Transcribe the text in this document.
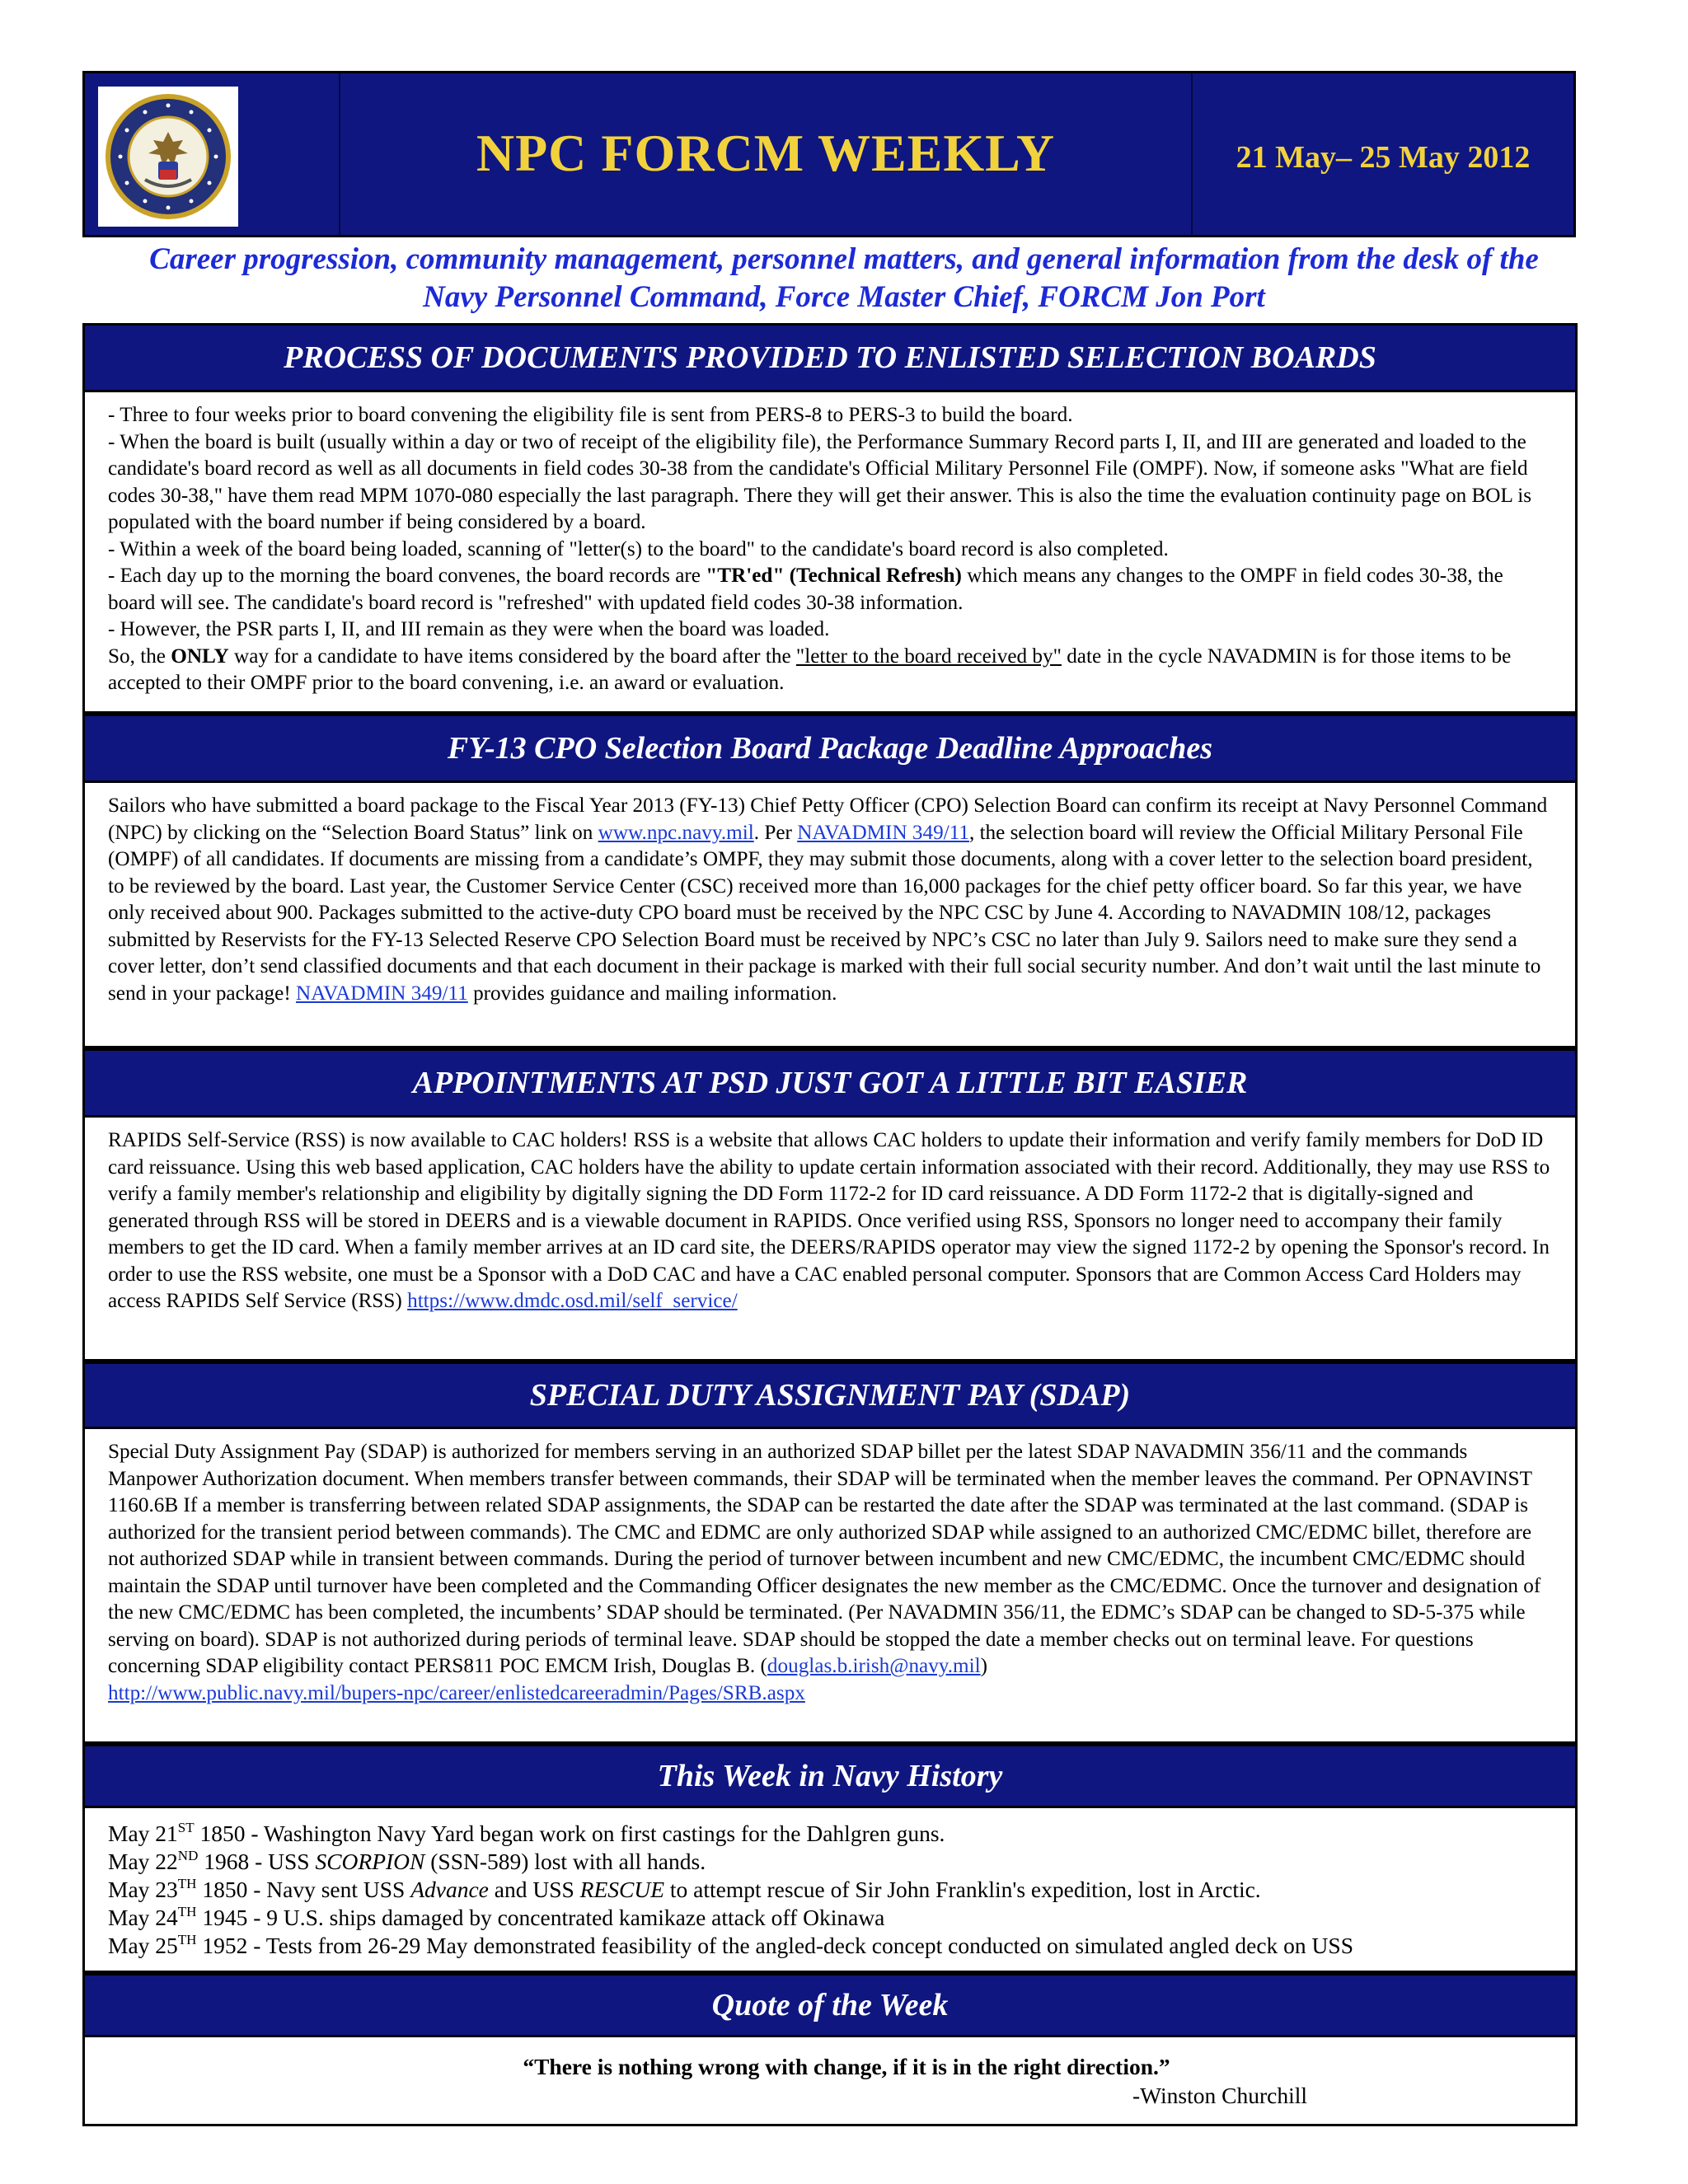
NPC FORCM WEEKLY	21 May– 25 May 2012
Career progression, community management, personnel matters, and general information from the desk of the
Navy Personnel Command, Force Master Chief, FORCM Jon Port
PROCESS OF DOCUMENTS PROVIDED TO ENLISTED SELECTION BOARDS

- Three to four weeks prior to board convening the eligibility file is sent from PERS-8 to PERS-3 to build the board.

- When the board is built (usually within a day or two of receipt of the eligibility file), the Performance Summary Record parts I, II, and III are generated and loaded to the candidate's board record as well as all documents in field codes 30-38 from the candidate's Official Military Personnel File (OMPF). Now, if someone asks "What are field codes 30-38," have them read MPM 1070-080 especially the last paragraph. There they will get their answer. This is also the time the evaluation continuity page on BOL is populated with the board number if being considered by a board.

- Within a week of the board being loaded, scanning of "letter(s) to the board" to the candidate's board record is also completed.

- Each day up to the morning the board convenes, the board records are "TR'ed" (Technical Refresh) which means any changes to the OMPF in field codes 30-38, the board will see. The candidate's board record is "refreshed" with updated field codes 30-38 information.

- However, the PSR parts I, II, and III remain as they were when the board was loaded.

So, the ONLY way for a candidate to have items considered by the board after the "letter to the board received by" date in the cycle NAVADMIN is for those items to be accepted to their OMPF prior to the board convening, i.e. an award or evaluation.

FY-13 CPO Selection Board Package Deadline Approaches

Sailors who have submitted a board package to the Fiscal Year 2013 (FY-13) Chief Petty Officer (CPO) Selection Board can confirm its receipt at Navy Personnel Command (NPC) by clicking on the “Selection Board Status” link on www.npc.navy.mil. Per NAVADMIN 349/11, the selection board will review the Official Military Personal File (OMPF) of all candidates. If documents are missing from a candidate’s OMPF, they may submit those documents, along with a cover letter to the selection board president, to be reviewed by the board. Last year, the Customer Service Center (CSC) received more than 16,000 packages for the chief petty officer board. So far this year, we have only received about 900. Packages submitted to the active-duty CPO board must be received by the NPC CSC by June 4. According to NAVADMIN 108/12, packages submitted by Reservists for the FY-13 Selected Reserve CPO Selection Board must be received by NPC’s CSC no later than July 9. Sailors need to make sure they send a cover letter, don’t send classified documents and that each document in their package is marked with their full social security number. And don’t wait until the last minute to send in your package! NAVADMIN 349/11 provides guidance and mailing information.

APPOINTMENTS AT PSD JUST GOT A LITTLE BIT EASIER

RAPIDS Self-Service (RSS) is now available to CAC holders! RSS is a website that allows CAC holders to update their information and verify family members for DoD ID card reissuance. Using this web based application, CAC holders have the ability to update certain information associated with their record. Additionally, they may use RSS to verify a family member's relationship and eligibility by digitally signing the DD Form 1172-2 for ID card reissuance. A DD Form 1172-2 that is digitally-signed and generated through RSS will be stored in DEERS and is a viewable document in RAPIDS. Once verified using RSS, Sponsors no longer need to accompany their family members to get the ID card. When a family member arrives at an ID card site, the DEERS/RAPIDS operator may view the signed 1172-2 by opening the Sponsor's record. In order to use the RSS website, one must be a Sponsor with a DoD CAC and have a CAC enabled personal computer. Sponsors that are Common Access Card Holders may access RAPIDS Self Service (RSS) https://www.dmdc.osd.mil/self_service/

SPECIAL DUTY ASSIGNMENT PAY (SDAP)

Special Duty Assignment Pay (SDAP) is authorized for members serving in an authorized SDAP billet per the latest SDAP NAVADMIN 356/11 and the commands Manpower Authorization document. When members transfer between commands, their SDAP will be terminated when the member leaves the command. Per OPNAVINST 1160.6B If a member is transferring between related SDAP assignments, the SDAP can be restarted the date after the SDAP was terminated at the last command. (SDAP is authorized for the transient period between commands). The CMC and EDMC are only authorized SDAP while assigned to an authorized CMC/EDMC billet, therefore are not authorized SDAP while in transient between commands. During the period of turnover between incumbent and new CMC/EDMC, the incumbent CMC/EDMC should maintain the SDAP until turnover have been completed and the Commanding Officer designates the new member as the CMC/EDMC. Once the turnover and designation of the new CMC/EDMC has been completed, the incumbents’ SDAP should be terminated. (Per NAVADMIN 356/11, the EDMC’s SDAP can be changed to SD-5-375 while serving on board). SDAP is not authorized during periods of terminal leave. SDAP should be stopped the date a member checks out on terminal leave. For questions concerning SDAP eligibility contact PERS811 POC EMCM Irish, Douglas B. (douglas.b.irish@navy.mil)

http://www.public.navy.mil/bupers-npc/career/enlistedcareeradmin/Pages/SRB.aspx

This Week in Navy History

May 21ST 1850 - Washington Navy Yard began work on first castings for the Dahlgren guns.

May 22ND 1968 - USS SCORPION (SSN-589) lost with all hands.

May 23TH 1850 - Navy sent USS Advance and USS RESCUE to attempt rescue of Sir John Franklin's expedition, lost in Arctic.

May 24TH 1945 - 9 U.S. ships damaged by concentrated kamikaze attack off Okinawa

May 25TH 1952 - Tests from 26-29 May demonstrated feasibility of the angled-deck concept conducted on simulated angled deck on USS

Quote of the Week
“There is nothing wrong with change, if it is in the right direction.”
-Winston Churchill
